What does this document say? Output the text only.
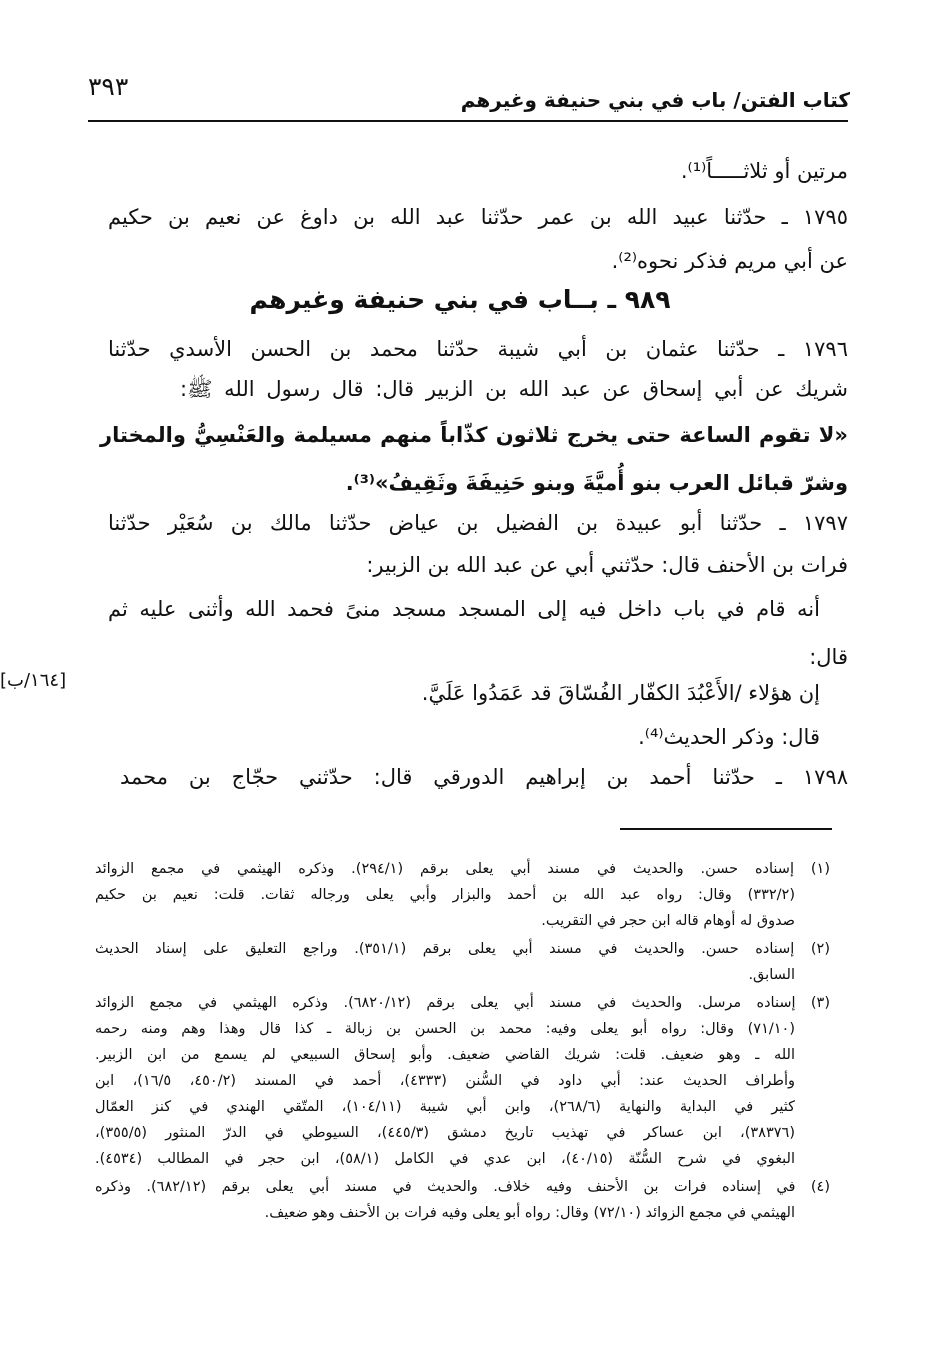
٣٩٣	كتاب الفتن/ باب في بني حنيفة وغيرهم
مرتين أو ثلاثـــــاً⁽¹⁾.
١٧٩٥ ـ حدّثنا عبيد الله بن عمر حدّثنا عبد الله بن داوغ عن نعيم بن حكيم
عن أبي مريم فذكر نحوه⁽²⁾.
٩٨٩ ـ بــاب في بني حنيفة وغيرهم
١٧٩٦ ـ حدّثنا عثمان بن أبي شيبة حدّثنا محمد بن الحسن الأسدي حدّثنا
شريك عن أبي إسحاق عن عبد الله بن الزبير قال: قال رسول الله ﷺ:
«لا تقوم الساعة حتى يخرج ثلاثون كذّاباً منهم مسيلمة والعَنْسِيُّ والمختار
وشرّ قبائل العرب بنو أُميَّةَ وبنو حَنِيفَةَ وثَقِيفُ»⁽³⁾.
١٧٩٧ ـ حدّثنا أبو عبيدة بن الفضيل بن عياض حدّثنا مالك بن سُعَيْر حدّثنا
فرات بن الأحنف قال: حدّثني أبي عن عبد الله بن الزبير:
أنه قام في باب داخل فيه إلى المسجد مسجد منىً فحمد الله وأثنى عليه ثم
قال:
[١٦٤/ب]
إن هؤلاء /الأَعْبُدَ الكفّار الفُسّاقَ قد عَمَدُوا عَلَيَّ.
قال: وذكر الحديث⁽⁴⁾.
١٧٩٨ ـ حدّثنا أحمد بن إبراهيم الدورقي قال: حدّثني حجّاج بن محمد
(١) إسناده حسن. والحديث في مسند أبي يعلى برقم (٢٩٤/١). وذكره الهيثمي في مجمع الزوائد
(٣٣٢/٢) وقال: رواه عبد الله بن أحمد والبزار وأبي يعلى ورجاله ثقات. قلت: نعيم بن حكيم
صدوق له أوهام قاله ابن حجر في التقريب.
(٢) إسناده حسن. والحديث في مسند أبي يعلى برقم (٣٥١/١). وراجع التعليق على إسناد الحديث
السابق.
(٣) إسناده مرسل. والحديث في مسند أبي يعلى برقم (٦٨٢٠/١٢). وذكره الهيثمي في مجمع الزوائد
(٧١/١٠) وقال: رواه أبو يعلى وفيه: محمد بن الحسن بن زبالة ـ كذا قال وهذا وهم ومنه رحمه
الله ـ وهو ضعيف. قلت: شريك القاضي ضعيف. وأبو إسحاق السبيعي لم يسمع من ابن الزبير.
وأطراف الحديث عند: أبي داود في السُّنن (٤٣٣٣)، أحمد في المسند (٤٥٠/٢، ١٦/٥)، ابن
كثير في البداية والنهاية (٢٦٨/٦)، وابن أبي شيبة (١٠٤/١١)، المتّقي الهندي في كنز العمّال
(٣٨٣٧٦)، ابن عساكر في تهذيب تاريخ دمشق (٤٤٥/٣)، السيوطي في الدرّ المنثور (٣٥٥/٥)،
البغوي في شرح السُّنّة (٤٠/١٥)، ابن عدي في الكامل (٥٨/١)، ابن حجر في المطالب (٤٥٣٤).
(٤) في إسناده فرات بن الأحنف وفيه خلاف. والحديث في مسند أبي يعلى برقم (٦٨٢/١٢). وذكره
الهيثمي في مجمع الزوائد (٧٢/١٠) وقال: رواه أبو يعلى وفيه فرات بن الأحنف وهو ضعيف.
